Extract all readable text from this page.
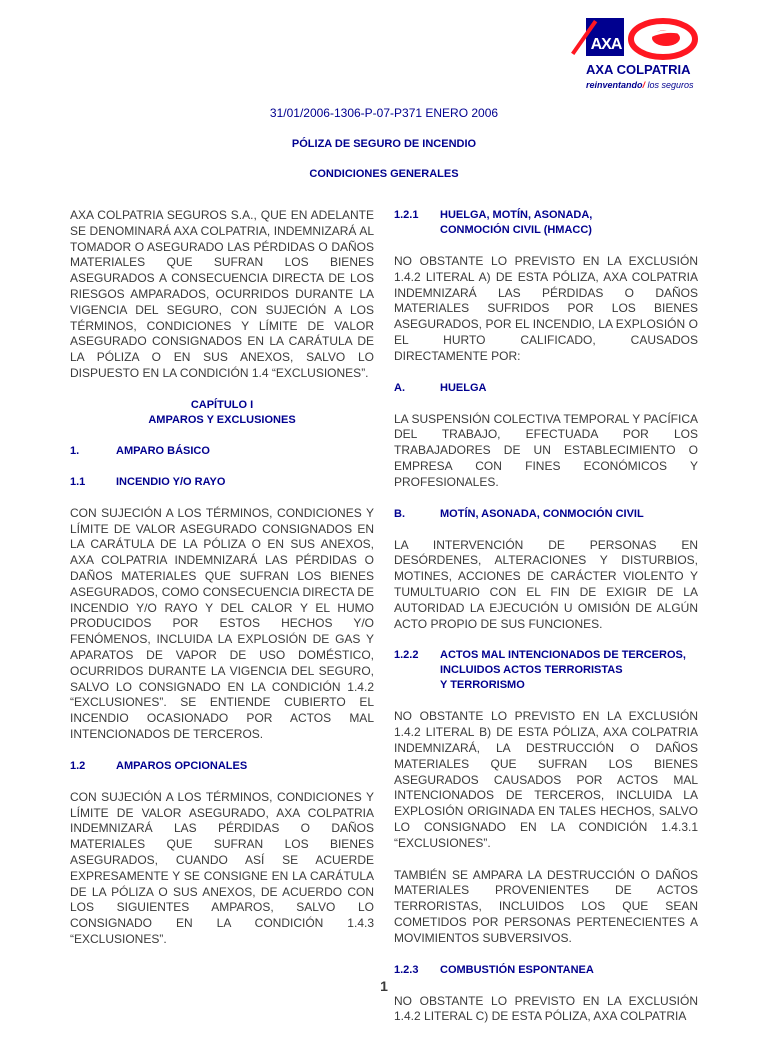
AXA
AXA COLPATRIA
reinventando/ los seguros
31/01/2006-1306-P-07-P371 ENERO 2006
PÓLIZA DE SEGURO DE INCENDIO
CONDICIONES GENERALES

AXA COLPATRIA SEGUROS S.A., QUE EN ADELANTE SE DENOMINARÁ AXA COLPATRIA, INDEMNIZARÁ AL TOMADOR O ASEGURADO LAS PÉRDIDAS O DAÑOS MATERIALES QUE SUFRAN LOS BIENES ASEGURADOS A CONSECUENCIA DIRECTA DE LOS RIESGOS AMPARADOS, OCURRIDOS DURANTE LA VIGENCIA DEL SEGURO, CON SUJECIÓN A LOS TÉRMINOS, CONDICIONES Y LÍMITE DE VALOR ASEGURADO CONSIGNADOS EN LA CARÁTULA DE LA PÓLIZA O EN SUS ANEXOS, SALVO LO DISPUESTO EN LA CONDICIÓN 1.4 “EXCLUSIONES”.

CAPÍTULO I
AMPAROS Y EXCLUSIONES
1.	AMPARO BÁSICO
1.1	INCENDIO Y/O RAYO

CON SUJECIÓN A LOS TÉRMINOS, CONDICIONES Y LÍMITE DE VALOR ASEGURADO CONSIGNADOS EN LA CARÁTULA DE LA PÓLIZA O EN SUS ANEXOS, AXA COLPATRIA INDEMNIZARÁ LAS PÉRDIDAS O DAÑOS MATERIALES QUE SUFRAN LOS BIENES ASEGURADOS, COMO CONSECUENCIA DIRECTA DE INCENDIO Y/O RAYO Y DEL CALOR Y EL HUMO PRODUCIDOS POR ESTOS HECHOS Y/O FENÓMENOS, INCLUIDA LA EXPLOSIÓN DE GAS Y APARATOS DE VAPOR DE USO DOMÉSTICO, OCURRIDOS DURANTE LA VIGENCIA DEL SEGURO, SALVO LO CONSIGNADO EN LA CONDICIÓN 1.4.2 “EXCLUSIONES”. SE ENTIENDE CUBIERTO EL INCENDIO OCASIONADO POR ACTOS MAL INTENCIONADOS DE TERCEROS.

1.2	AMPAROS OPCIONALES

CON SUJECIÓN A LOS TÉRMINOS, CONDICIONES Y LÍMITE DE VALOR ASEGURADO, AXA COLPATRIA INDEMNIZARÁ LAS PÉRDIDAS O DAÑOS MATERIALES QUE SUFRAN LOS BIENES ASEGURADOS, CUANDO ASÍ SE ACUERDE EXPRESAMENTE Y SE CONSIGNE EN LA CARÁTULA DE LA PÓLIZA O SUS ANEXOS, DE ACUERDO CON LOS SIGUIENTES AMPAROS, SALVO LO CONSIGNADO EN LA CONDICIÓN 1.4.3 “EXCLUSIONES”.

1.2.1	HUELGA, MOTÍN, ASONADA,
CONMOCIÓN CIVIL (HMACC)

NO OBSTANTE LO PREVISTO EN LA EXCLUSIÓN 1.4.2 LITERAL A) DE ESTA PÓLIZA, AXA COLPATRIA INDEMNIZARÁ LAS PÉRDIDAS O DAÑOS MATERIALES SUFRIDOS POR LOS BIENES ASEGURADOS, POR EL INCENDIO, LA EXPLOSIÓN O EL HURTO CALIFICADO, CAUSADOS DIRECTAMENTE POR:

A.	HUELGA

LA SUSPENSIÓN COLECTIVA TEMPORAL Y PACÍFICA DEL TRABAJO, EFECTUADA POR LOS TRABAJADORES DE UN ESTABLECIMIENTO O EMPRESA CON FINES ECONÓMICOS Y PROFESIONALES.

B.	MOTÍN, ASONADA, CONMOCIÓN CIVIL

LA INTERVENCIÓN DE PERSONAS EN DESÓRDENES, ALTERACIONES Y DISTURBIOS, MOTINES, ACCIONES DE CARÁCTER VIOLENTO Y TUMULTUARIO CON EL FIN DE EXIGIR DE LA AUTORIDAD LA EJECUCIÓN U OMISIÓN DE ALGÚN ACTO PROPIO DE SUS FUNCIONES.

1.2.2	ACTOS MAL INTENCIONADOS DE TERCEROS,
INCLUIDOS ACTOS TERRORISTAS
Y TERRORISMO

NO OBSTANTE LO PREVISTO EN LA EXCLUSIÓN 1.4.2 LITERAL B) DE ESTA PÓLIZA, AXA COLPATRIA INDEMNIZARÁ, LA DESTRUCCIÓN O DAÑOS MATERIALES QUE SUFRAN LOS BIENES ASEGURADOS CAUSADOS POR ACTOS MAL INTENCIONADOS DE TERCEROS, INCLUIDA LA EXPLOSIÓN ORIGINADA EN TALES HECHOS, SALVO LO CONSIGNADO EN LA CONDICIÓN 1.4.3.1 “EXCLUSIONES”.

TAMBIÉN SE AMPARA LA DESTRUCCIÓN O DAÑOS MATERIALES PROVENIENTES DE ACTOS TERRORISTAS, INCLUIDOS LOS QUE SEAN COMETIDOS POR PERSONAS PERTENECIENTES A MOVIMIENTOS SUBVERSIVOS.

1.2.3	COMBUSTIÓN ESPONTANEA

NO OBSTANTE LO PREVISTO EN LA EXCLUSIÓN 1.4.2 LITERAL C) DE ESTA PÓLIZA, AXA COLPATRIA

1
